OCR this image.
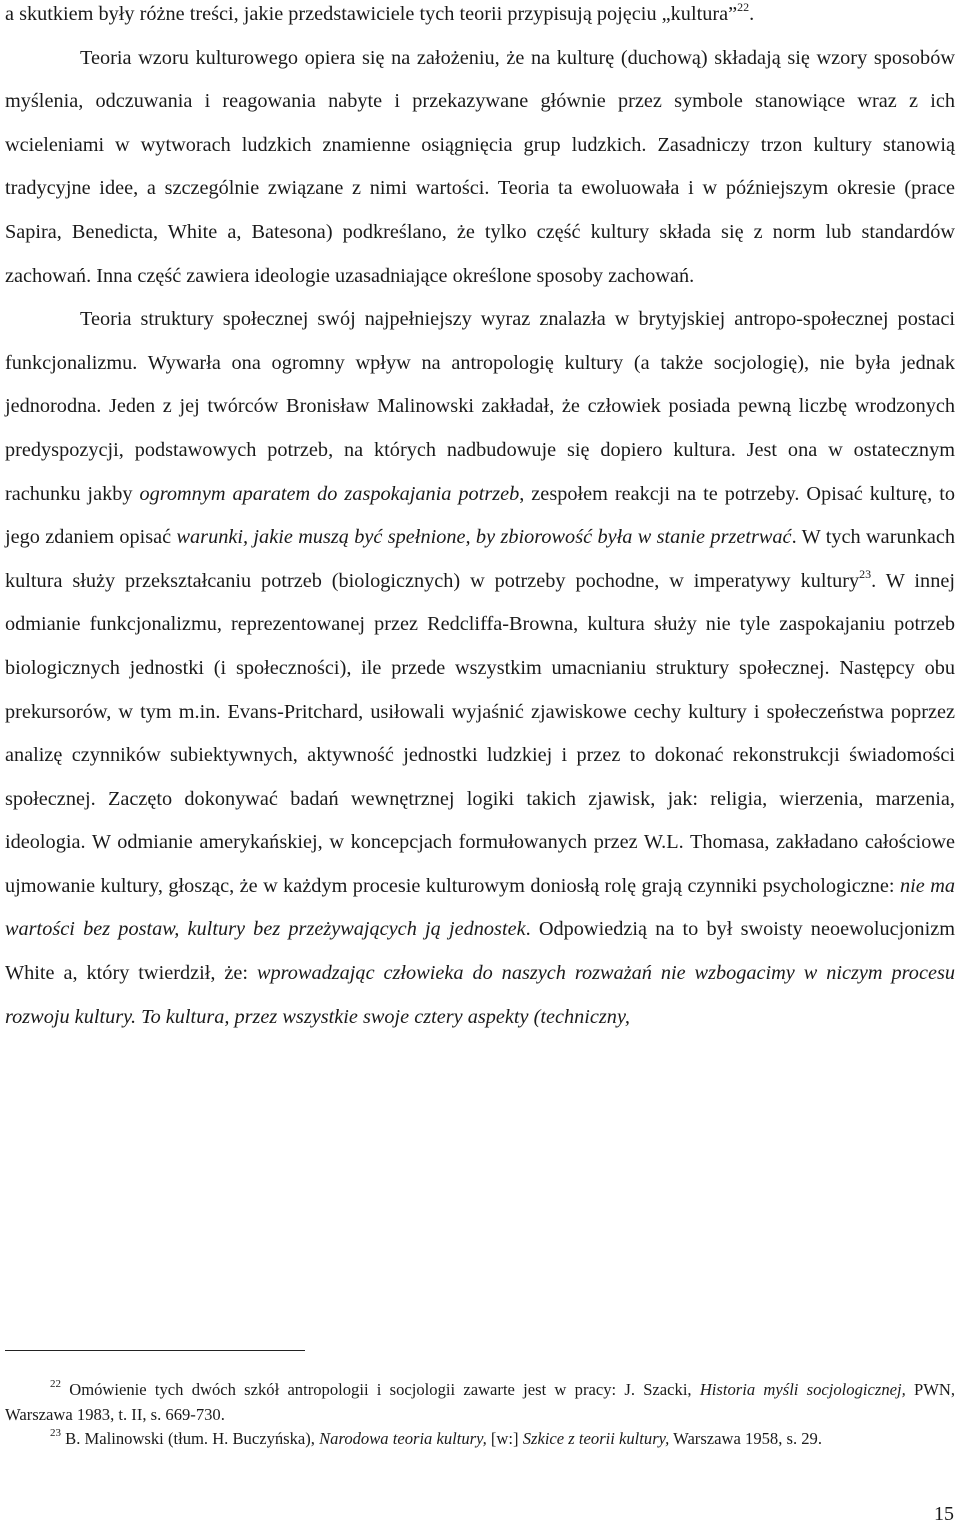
a skutkiem były różne treści, jakie przedstawiciele tych teorii przypisują pojęciu „kultura”$^{22}$.

Teoria wzoru kulturowego opiera się na założeniu, że na kulturę (duchową) składają się wzory sposobów myślenia, odczuwania i reagowania nabyte i przekazywane głównie przez symbole stanowiące wraz z ich wcieleniami w wytworach ludzkich znamienne osiągnięcia grup ludzkich. Zasadniczy trzon kultury stanowią tradycyjne idee, a szczególnie związane z nimi wartości. Teoria ta ewoluowała i w późniejszym okresie (prace Sapira, Benedicta, White a, Batesona) podkreślano, że tylko część kultury składa się z norm lub standardów zachowań. Inna część zawiera ideologie uzasadniające określone sposoby zachowań.

Teoria struktury społecznej swój najpełniejszy wyraz znalazła w brytyjskiej antropo-społecznej postaci funkcjonalizmu. Wywarła ona ogromny wpływ na antropologię kultury (a także socjologię), nie była jednak jednorodna. Jeden z jej twórców Bronisław Malinowski zakładał, że człowiek posiada pewną liczbę wrodzonych predyspozycji, podstawowych potrzeb, na których nadbudowuje się dopiero kultura. Jest ona w ostatecznym rachunku jakby ogromnym aparatem do zaspokajania potrzeb, zespołem reakcji na te potrzeby. Opisać kulturę, to jego zdaniem opisać warunki, jakie muszą być spełnione, by zbiorowość była w stanie przetrwać. W tych warunkach kultura służy przekształcaniu potrzeb (biologicznych) w potrzeby pochodne, w imperatywy kultury$^{23}$. W innej odmianie funkcjonalizmu, reprezentowanej przez Redcliffa-Browna, kultura służy nie tyle zaspokajaniu potrzeb biologicznych jednostki (i społeczności), ile przede wszystkim umacnianiu struktury społecznej. Następcy obu prekursorów, w tym m.in. Evans-Pritchard, usiłowali wyjaśnić zjawiskowe cechy kultury i społeczeństwa poprzez analizę czynników subiektywnych, aktywność jednostki ludzkiej i przez to dokonać rekonstrukcji świadomości społecznej. Zaczęto dokonywać badań wewnętrznej logiki takich zjawisk, jak: religia, wierzenia, marzenia, ideologia. W odmianie amerykańskiej, w koncepcjach formułowanych przez W.L. Thomasa, zakładano całościowe ujmowanie kultury, głosząc, że w każdym procesie kulturowym doniosłą rolę grają czynniki psychologiczne: nie ma wartości bez postaw, kultury bez przeżywających ją jednostek. Odpowiedzią na to był swoisty neoewolucjonizm White a, który twierdził, że: wprowadzając człowieka do naszych rozważań nie wzbogacimy w niczym procesu rozwoju kultury. To kultura, przez wszystkie swoje cztery aspekty (techniczny,

$^{22}$ Omówienie tych dwóch szkół antropologii i socjologii zawarte jest w pracy: J. Szacki, Historia myśli socjologicznej, PWN, Warszawa 1983, t. II, s. 669-730.

$^{23}$ B. Malinowski (tłum. H. Buczyńska), Narodowa teoria kultury, [w:] Szkice z teorii kultury, Warszawa 1958, s. 29.

15
